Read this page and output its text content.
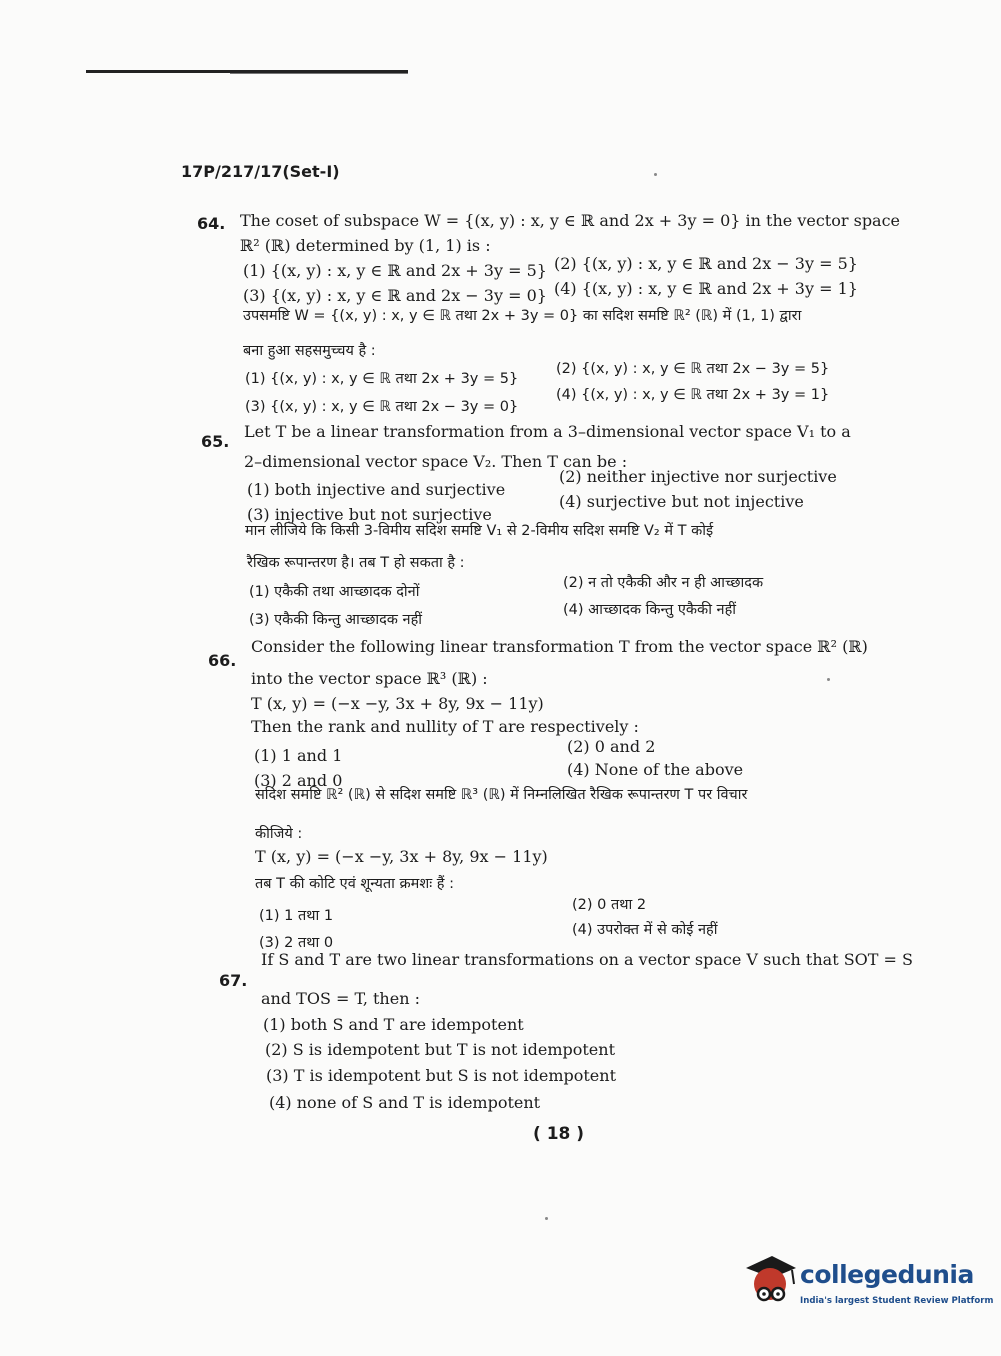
17P/217/17(Set-I)
64. The coset of subspace W = {(x, y) : x, y ∈ ℝ and 2x + 3y = 0} in the vector space
ℝ² (ℝ) determined by (1, 1) is :
(1) {(x, y) : x, y ∈ ℝ and 2x + 3y = 5} (2) {(x, y) : x, y ∈ ℝ and 2x − 3y = 5}
(3) {(x, y) : x, y ∈ ℝ and 2x − 3y = 0} (4) {(x, y) : x, y ∈ ℝ and 2x + 3y = 1}
उपसमष्टि W = {(x, y) : x, y ∈ ℝ तथा 2x + 3y = 0} का सदिश समष्टि ℝ² (ℝ) में (1, 1) द्वारा
बना हुआ सहसमुच्चय है :
(1) {(x, y) : x, y ∈ ℝ तथा 2x + 3y = 5}
(2) {(x, y) : x, y ∈ ℝ तथा 2x − 3y = 5}
(3) {(x, y) : x, y ∈ ℝ तथा 2x − 3y = 0}
(4) {(x, y) : x, y ∈ ℝ तथा 2x + 3y = 1}
65.
Let T be a linear transformation from a 3–dimensional vector space V₁ to a
2–dimensional vector space V₂. Then T can be :
(1) both injective and surjective
(2) neither injective nor surjective
(3) injective but not surjective
(4) surjective but not injective
मान लीजिये कि किसी 3-विमीय सदिश समष्टि V₁ से 2-विमीय सदिश समष्टि V₂ में T कोई
रैखिक रूपान्तरण है। तब T हो सकता है :
(1) एकैकी तथा आच्छादक दोनों
(2) न तो एकैकी और न ही आच्छादक
(3) एकैकी किन्तु आच्छादक नहीं
(4) आच्छादक किन्तु एकैकी नहीं
66.
Consider the following linear transformation T from the vector space ℝ² (ℝ)
into the vector space ℝ³ (ℝ) :
T (x, y) = (−x −y, 3x + 8y, 9x − 11y)
Then the rank and nullity of T are respectively :
(1) 1 and 1	(2) 0 and 2
(3) 2 and 0
(4) None of the above
सदिश समष्टि ℝ² (ℝ) से सदिश समष्टि ℝ³ (ℝ) में निम्नलिखित रैखिक रूपान्तरण T पर विचार
कीजिये :
T (x, y) = (−x −y, 3x + 8y, 9x − 11y)
तब T की कोटि एवं शून्यता क्रमशः हैं :
(1) 1 तथा 1
(2) 0 तथा 2
(3) 2 तथा 0
(4) उपरोक्त में से कोई नहीं
67.
If S and T are two linear transformations on a vector space V such that SOT = S
and TOS = T, then :
(1) both S and T are idempotent
(2) S is idempotent but T is not idempotent
(3) T is idempotent but S is not idempotent
(4) none of S and T is idempotent
( 18 )
collegedunia
India's largest Student Review Platform
